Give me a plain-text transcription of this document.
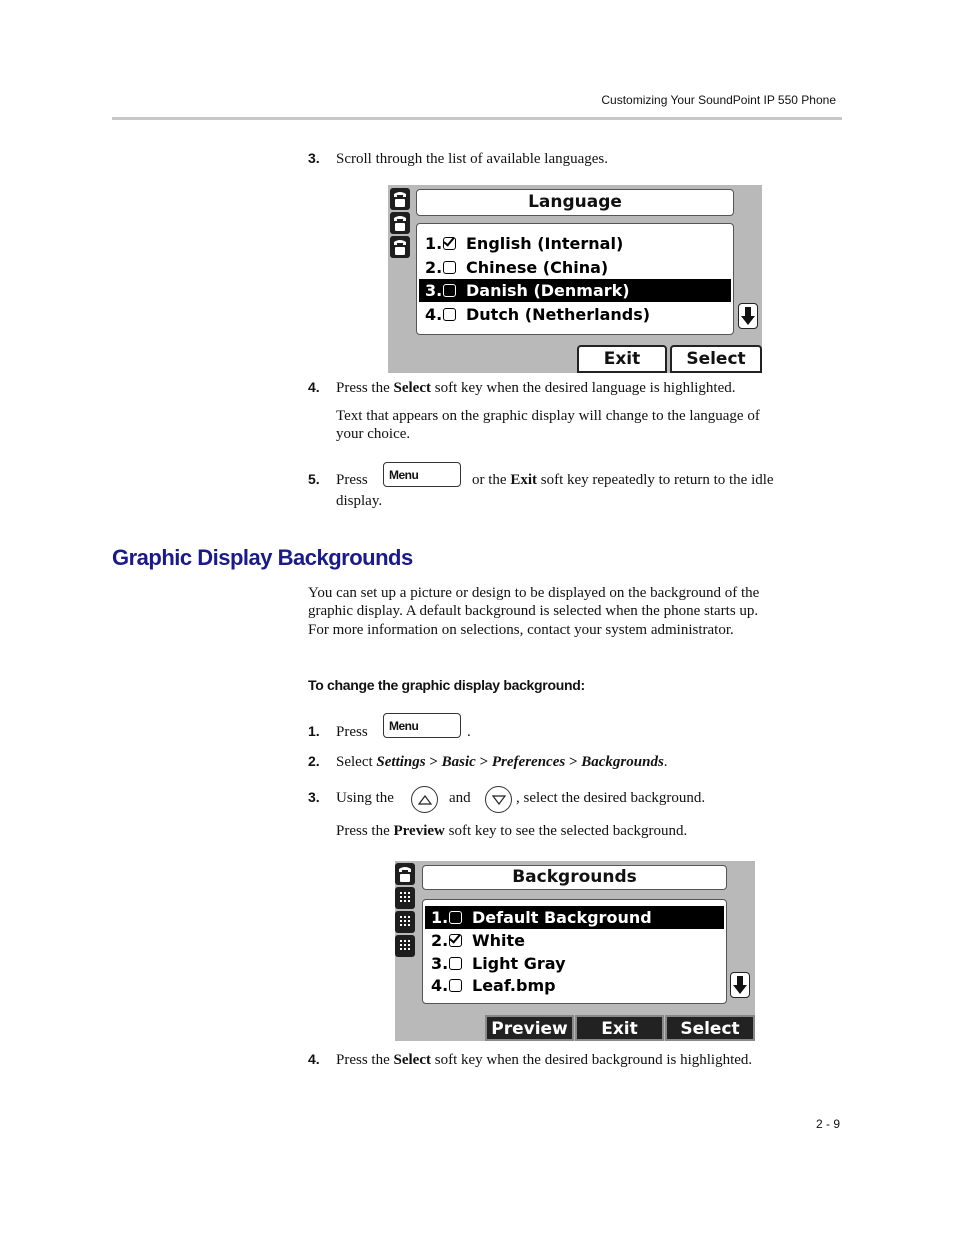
Customizing Your SoundPoint IP 550 Phone
3. Scroll through the list of available languages.
Language
1. English (Internal)
2. Chinese (China)
3. Danish (Denmark)
4. Dutch (Netherlands)
Exit	Select
4. Press the Select soft key when the desired language is highlighted.
Text that appears on the graphic display will change to the language of
your choice.
5. Press	Menu	or the Exit soft key repeatedly to return to the idle
display.
Graphic Display Backgrounds
You can set up a picture or design to be displayed on the background of the
graphic display. A default background is selected when the phone starts up.
For more information on selections, contact your system administrator.
To change the graphic display background:
1. Press	Menu	.
2. Select Settings > Basic > Preferences > Backgrounds.
3. Using the	and	, select the desired background.
Press the Preview soft key to see the selected background.
Backgrounds
1. Default Background
2. White
3. Light Gray
4. Leaf.bmp
Preview	Exit	Select
4. Press the Select soft key when the desired background is highlighted.
2 - 9
